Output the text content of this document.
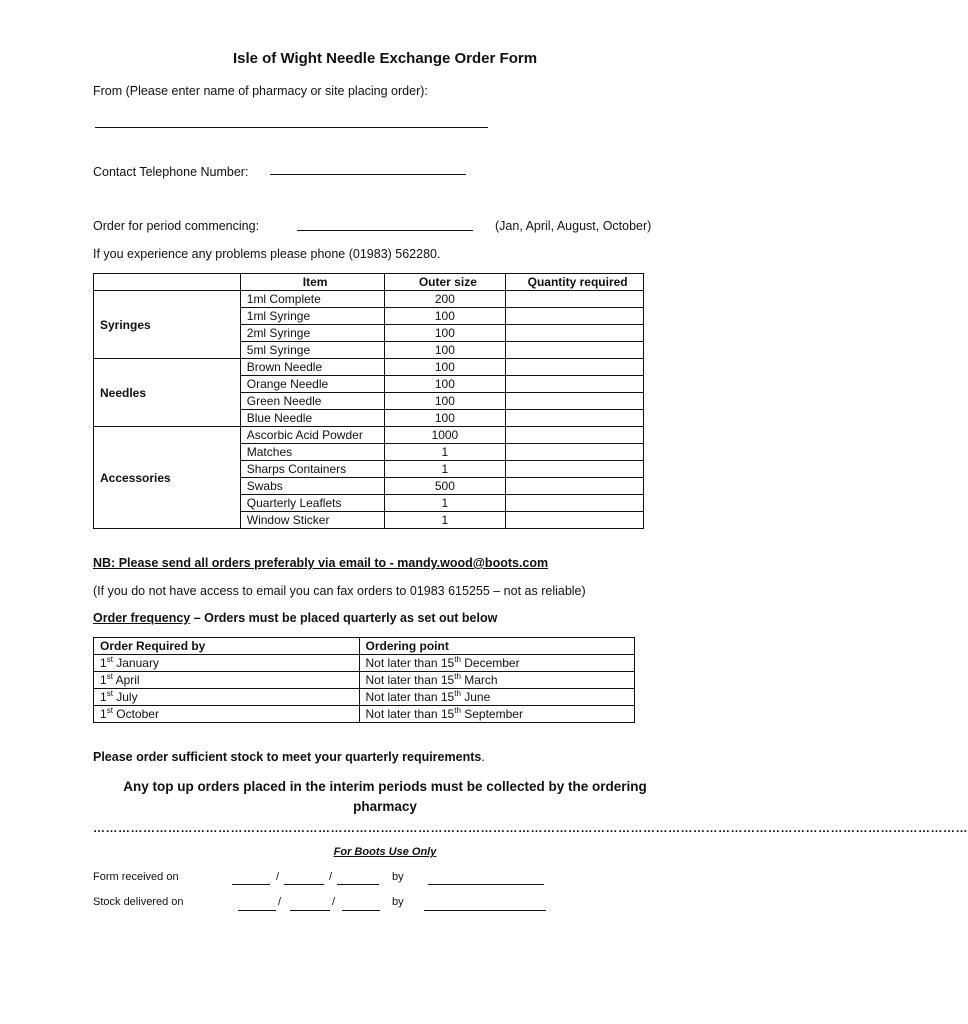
Isle of Wight Needle Exchange Order Form
From (Please enter name of pharmacy or site placing order):
Contact Telephone Number:
Order for period commencing:	(Jan, April, August, October)
If you experience any problems please phone (01983) 562280.
	Item	Outer size	Quantity required
Syringes	1ml Complete	200	
	1ml Syringe	100	
	2ml Syringe	100	
	5ml Syringe	100	
Needles	Brown Needle	100	
	Orange Needle	100	
	Green Needle	100	
	Blue Needle	100	
Accessories	Ascorbic Acid Powder	1000	
	Matches	1	
	Sharps Containers	1	
	Swabs	500	
	Quarterly Leaflets	1	
	Window Sticker	1	
NB: Please send all orders preferably via email to - mandy.wood@boots.com
(If you do not have access to email you can fax orders to 01983 615255 – not as reliable)
Order frequency – Orders must be placed quarterly as set out below
Order Required by	Ordering point
1st January	Not later than 15th December
1st April	Not later than 15th March
1st July	Not later than 15th June
1st October	Not later than 15th September
Please order sufficient stock to meet your quarterly requirements.
Any top up orders placed in the interim periods must be collected by the ordering pharmacy
…………………………………………………………………………………………………………………………………………………………………………………………
For Boots Use Only
Form received on	/	/	by
Stock delivered on	/	/	by
